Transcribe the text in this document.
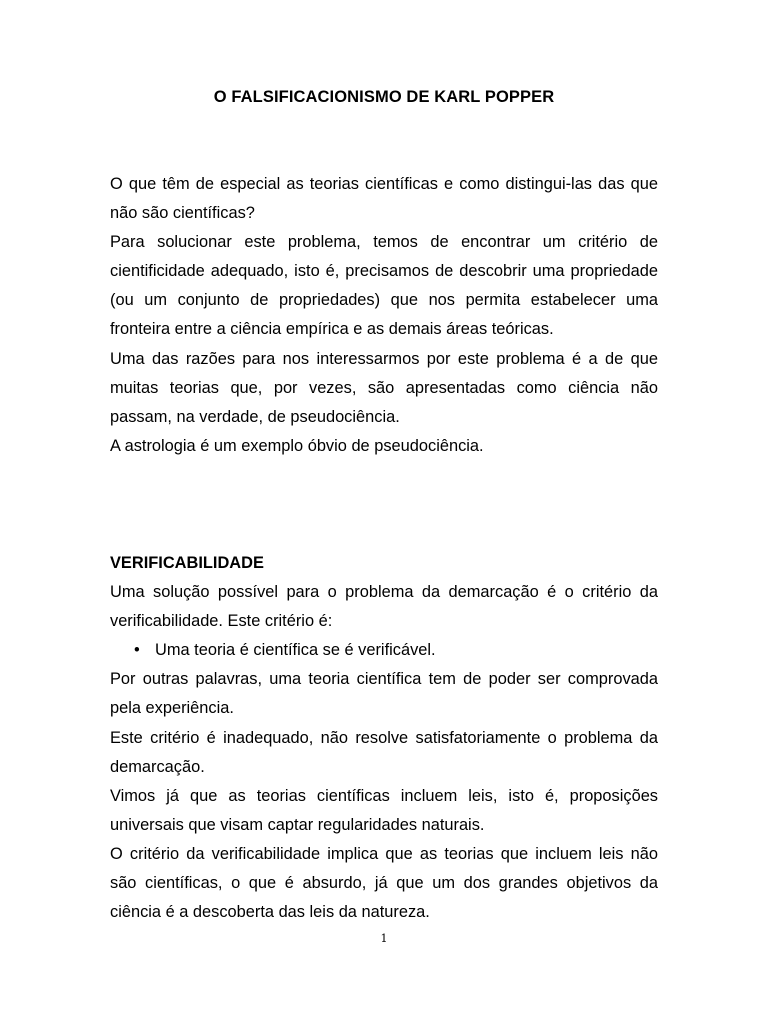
O FALSIFICACIONISMO DE KARL POPPER

O que têm de especial as teorias científicas e como distingui-las das que não são científicas?

Para solucionar este problema, temos de encontrar um critério de cientificidade adequado, isto é, precisamos de descobrir uma propriedade (ou um conjunto de propriedades) que nos permita estabelecer uma fronteira entre a ciência empírica e as demais áreas teóricas.

Uma das razões para nos interessarmos por este problema é a de que muitas teorias que, por vezes, são apresentadas como ciência não passam, na verdade, de pseudociência.

A astrologia é um exemplo óbvio de pseudociência.

VERIFICABILIDADE

Uma solução possível para o problema da demarcação é o critério da verificabilidade. Este critério é:

• Uma teoria é científica se é verificável.

Por outras palavras, uma teoria científica tem de poder ser comprovada pela experiência.

Este critério é inadequado, não resolve satisfatoriamente o problema da demarcação.

Vimos já que as teorias científicas incluem leis, isto é, proposições universais que visam captar regularidades naturais.

O critério da verificabilidade implica que as teorias que incluem leis não são científicas, o que é absurdo, já que um dos grandes objetivos da ciência é a descoberta das leis da natureza.

1
